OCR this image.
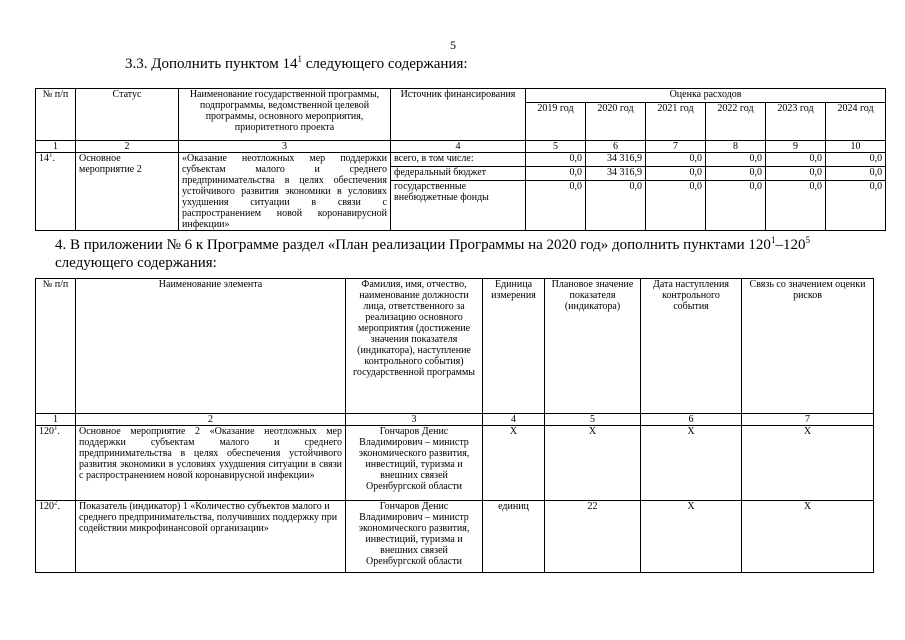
5

3.3. Дополнить пунктом $14^1$ следующего содержания:

№ п/п	Статус	Наименование государственной программы, подпрограммы, ведомственной целевой программы, основного мероприятия, приоритетного проекта	Источник финансирования	Оценка расходов					
				2019 год	2020 год	2021 год	2022 год	2023 год	2024 год
1	2	3	4	5	6	7	8	9	10
$14^1$.	Основное мероприятие 2	«Оказание неотложных мер поддержки субъектам малого и среднего предпринимательства в целях обеспечения устойчивого развития экономики в условиях ухудшения ситуации в связи с распространением новой коронавирусной инфекции»	всего, в том числе:	0,0	34 316,9	0,0	0,0	0,0	0,0
			федеральный бюджет	0,0	34 316,9	0,0	0,0	0,0	0,0
			государственные внебюджетные фонды	0,0	0,0	0,0	0,0	0,0	0,0

4. В приложении № 6 к Программе раздел «План реализации Программы на 2020 год» дополнить пунктами $120^1-120^5$ следующего содержания:

№ п/п	Наименование элемента	Фамилия, имя, отчество, наименование должности лица, ответственного за реализацию основного мероприятия (достижение значения показателя (индикатора), наступление контрольного события) государственной программы	Единица измерения	Плановое значение показателя (индикатора)	Дата наступления контрольного события	Связь со значением оценки рисков
1	2	3	4	5	6	7
$120^1$.	Основное мероприятие 2 «Оказание неотложных мер поддержки субъектам малого и среднего предпринимательства в целях обеспечения устойчивого развития экономики в условиях ухудшения ситуации в связи с распространением новой коронавирусной инфекции»	Гончаров Денис Владимирович – министр экономического развития, инвестиций, туризма и внешних связей Оренбургской области	Х	Х	Х	Х
$120^2$.	Показатель (индикатор) 1 «Количество субъектов малого и среднего предпринимательства, получивших поддержку при содействии микрофинансовой организации»	Гончаров Денис Владимирович – министр экономического развития, инвестиций, туризма и внешних связей Оренбургской области	единиц	22	Х	Х
